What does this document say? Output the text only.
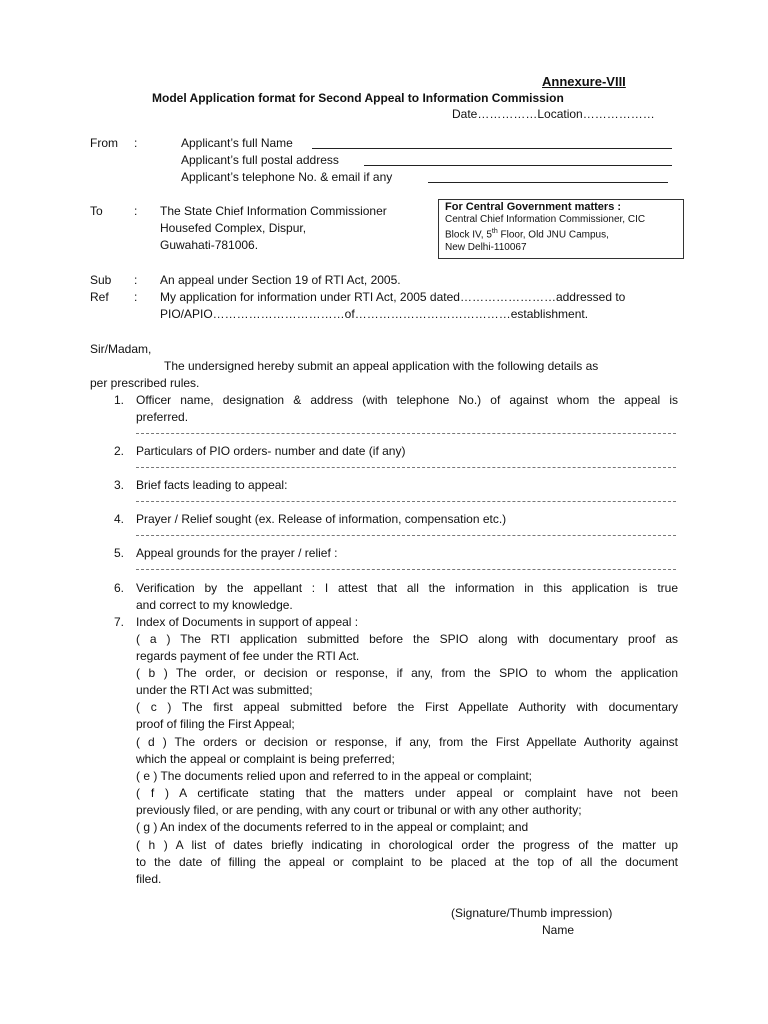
Annexure-VIII
Model Application format for Second Appeal to Information Commission
Date……………Location………………
From :	Applicant’s full Name
Applicant’s full postal address
Applicant’s telephone No. & email if any
To	: The State Chief Information Commissioner
Housefed Complex, Dispur,
Guwahati-781006.
For Central Government matters :
Central Chief Information Commissioner, CIC
Block IV, 5th Floor, Old JNU Campus,
New Delhi-110067
Sub : An appeal under Section 19 of RTI Act, 2005.
Ref : My application for information under RTI Act, 2005 dated……………………addressed to
PIO/APIO……………………………of…………………………………establishment.
Sir/Madam,
The undersigned hereby submit an appeal application with the following details as
per prescribed rules.
1. Officer name, designation & address (with telephone No.) of against whom the appeal is
preferred.
2. Particulars of PIO orders- number and date (if any)
3. Brief facts leading to appeal:
4. Prayer / Relief sought (ex. Release of information, compensation etc.)
5. Appeal grounds for the prayer / relief :
6. Verification by the appellant : I attest that all the information in this application is true
and correct to my knowledge.
7. Index of Documents in support of appeal :
( a ) The RTI application submitted before the SPIO along with documentary proof as
regards payment of fee under the RTI Act.
( b ) The order, or decision or response, if any, from the SPIO to whom the application
under the RTI Act was submitted;
( c ) The first appeal submitted before the First Appellate Authority with documentary
proof of filing the First Appeal;
( d ) The orders or decision or response, if any, from the First Appellate Authority against
which the appeal or complaint is being preferred;
( e ) The documents relied upon and referred to in the appeal or complaint;
( f ) A certificate stating that the matters under appeal or complaint have not been
previously filed, or are pending, with any court or tribunal or with any other authority;
( g ) An index of the documents referred to in the appeal or complaint; and
( h ) A list of dates briefly indicating in chorological order the progress of the matter up
to the date of filling the appeal or complaint to be placed at the top of all the document
filed.
(Signature/Thumb impression)
Name
